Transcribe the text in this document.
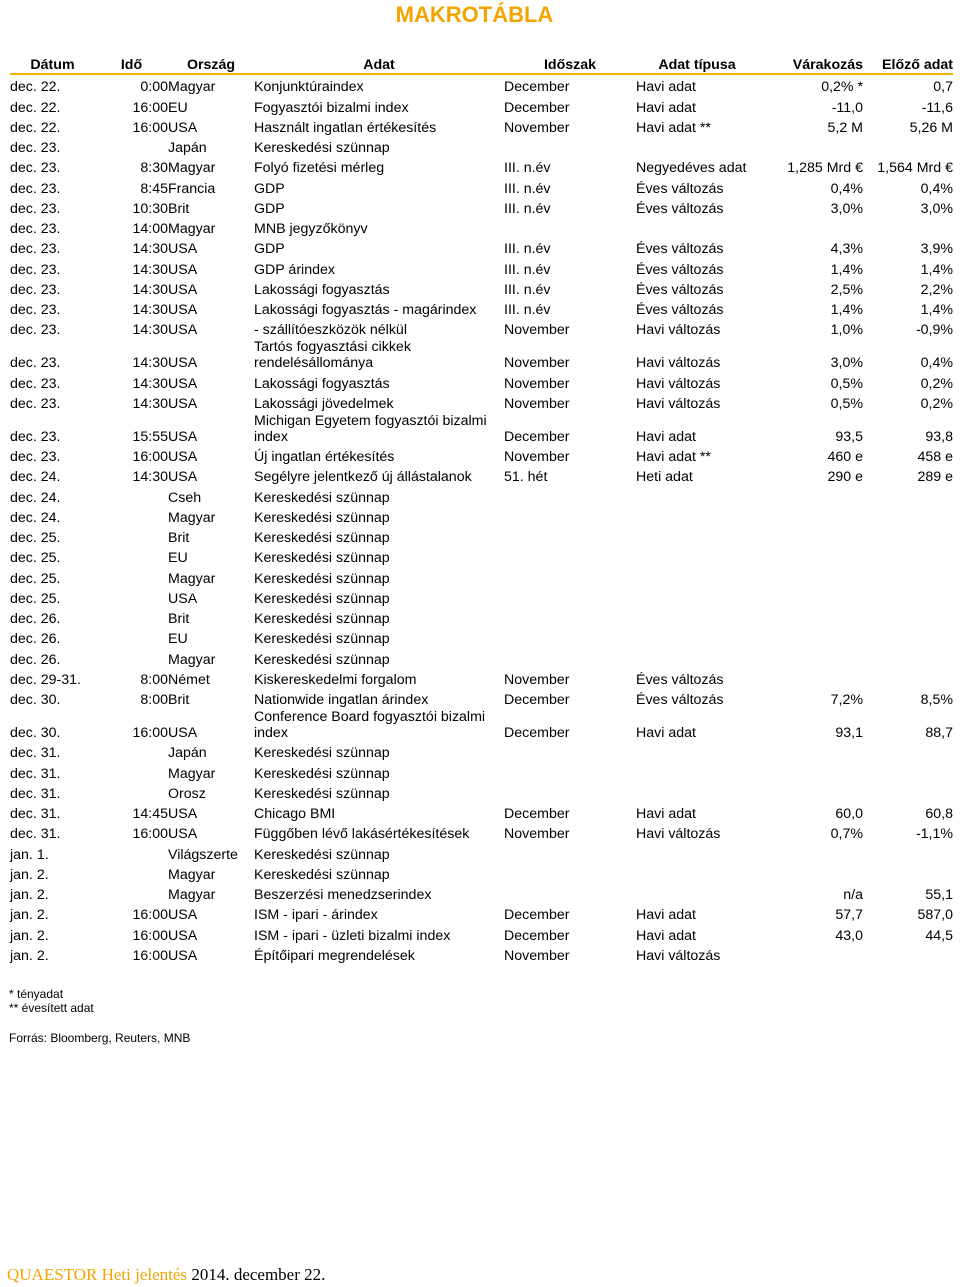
MAKROTÁBLA
Dátum	Idő	Ország	Adat	Időszak	Adat típusa	Várakozás	Előző adat
dec. 22.	0:00	Magyar	Konjunktúraindex	December	Havi adat	0,2% *	0,7
dec. 22.	16:00	EU	Fogyasztói bizalmi index	December	Havi adat	-11,0	-11,6
dec. 22.	16:00	USA	Használt ingatlan értékesítés	November	Havi adat **	5,2 M	5,26 M
dec. 23.		Japán	Kereskedési szünnap				
dec. 23.	8:30	Magyar	Folyó fizetési mérleg	III. n.év	Negyedéves adat	1,285 Mrd €	1,564 Mrd €
dec. 23.	8:45	Francia	GDP	III. n.év	Éves változás	0,4%	0,4%
dec. 23.	10:30	Brit	GDP	III. n.év	Éves változás	3,0%	3,0%
dec. 23.	14:00	Magyar	MNB jegyzőkönyv				
dec. 23.	14:30	USA	GDP	III. n.év	Éves változás	4,3%	3,9%
dec. 23.	14:30	USA	GDP árindex	III. n.év	Éves változás	1,4%	1,4%
dec. 23.	14:30	USA	Lakossági fogyasztás	III. n.év	Éves változás	2,5%	2,2%
dec. 23.	14:30	USA	Lakossági fogyasztás - magárindex	III. n.év	Éves változás	1,4%	1,4%
dec. 23.	14:30	USA	- szállítóeszközök nélkül	November	Havi változás	1,0%	-0,9%
dec. 23.	14:30	USA	Tartós fogyasztási cikkek rendelésállománya	November	Havi változás	3,0%	0,4%
dec. 23.	14:30	USA	Lakossági fogyasztás	November	Havi változás	0,5%	0,2%
dec. 23.	14:30	USA	Lakossági jövedelmek	November	Havi változás	0,5%	0,2%
dec. 23.	15:55	USA	Michigan Egyetem fogyasztói bizalmi index	December	Havi adat	93,5	93,8
dec. 23.	16:00	USA	Új ingatlan értékesítés	November	Havi adat **	460 e	458 e
dec. 24.	14:30	USA	Segélyre jelentkező új állástalanok	51. hét	Heti adat	290 e	289 e
dec. 24.		Cseh	Kereskedési szünnap				
dec. 24.		Magyar	Kereskedési szünnap				
dec. 25.		Brit	Kereskedési szünnap				
dec. 25.		EU	Kereskedési szünnap				
dec. 25.		Magyar	Kereskedési szünnap				
dec. 25.		USA	Kereskedési szünnap				
dec. 26.		Brit	Kereskedési szünnap				
dec. 26.		EU	Kereskedési szünnap				
dec. 26.		Magyar	Kereskedési szünnap				
dec. 29-31.	8:00	Német	Kiskereskedelmi forgalom	November	Éves változás		
dec. 30.	8:00	Brit	Nationwide ingatlan árindex	December	Éves változás	7,2%	8,5%
dec. 30.	16:00	USA	Conference Board fogyasztói bizalmi index	December	Havi adat	93,1	88,7
dec. 31.		Japán	Kereskedési szünnap				
dec. 31.		Magyar	Kereskedési szünnap				
dec. 31.		Orosz	Kereskedési szünnap				
dec. 31.	14:45	USA	Chicago BMI	December	Havi adat	60,0	60,8
dec. 31.	16:00	USA	Függőben lévő lakásértékesítések	November	Havi változás	0,7%	-1,1%
jan. 1.		Világszerte	Kereskedési szünnap				
jan. 2.		Magyar	Kereskedési szünnap				
jan. 2.		Magyar	Beszerzési menedzserindex			n/a	55,1
jan. 2.	16:00	USA	ISM - ipari - árindex	December	Havi adat	57,7	587,0
jan. 2.	16:00	USA	ISM - ipari - üzleti bizalmi index	December	Havi adat	43,0	44,5
jan. 2.	16:00	USA	Építőipari megrendelések	November	Havi változás		
* tényadat
** évesített adat
Forrás: Bloomberg, Reuters, MNB
QUAESTOR Heti jelentés 2014. december 22.
